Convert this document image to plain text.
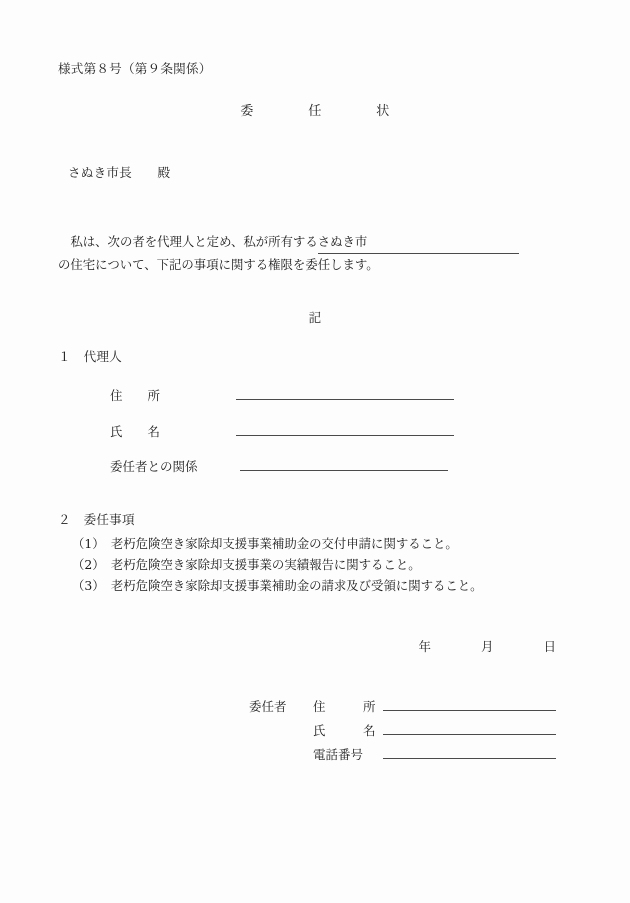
様式第８号（第９条関係）
委　　　　任　　　　状
さぬき市長　　殿
　私は、次の者を代理人と定め、私が所有するさぬき市
の住宅について、下記の事項に関する権限を委任します。
記
１　代理人
住　　所
氏　　名
委任者との関係
２　委任事項
（1）　老朽危険空き家除却支援事業補助金の交付申請に関すること。
（2）　老朽危険空き家除却支援事業の実績報告に関すること。
（3）　老朽危険空き家除却支援事業補助金の請求及び受領に関すること。
年　　　　月　　　　日
委任者 住　　　所
氏　　　名
電話番号
